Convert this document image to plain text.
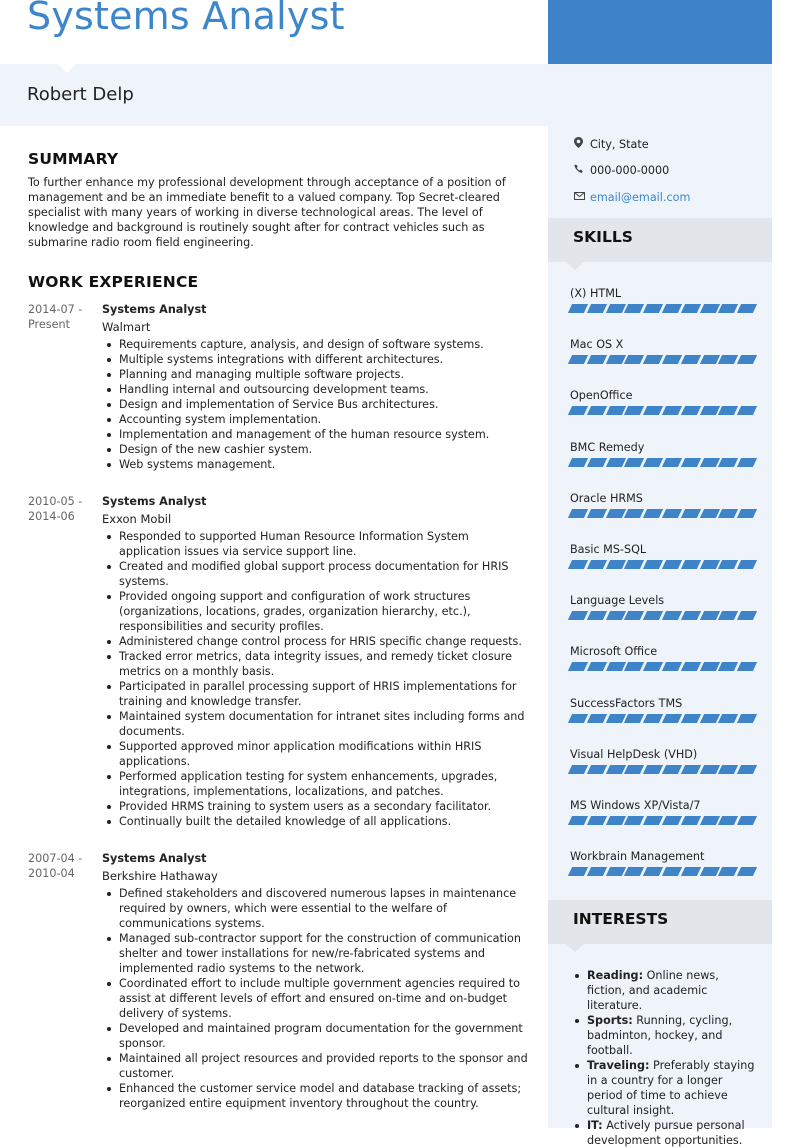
Systems Analyst
Robert Delp
SUMMARY

To further enhance my professional development through acceptance of a position of management and be an immediate benefit to a valued company. Top Secret-cleared specialist with many years of working in diverse technological areas. The level of knowledge and background is routinely sought after for contract vehicles such as submarine radio room field engineering.

WORK EXPERIENCE
2014-07 - Present
Systems Analyst
Walmart
Requirements capture, analysis, and design of software systems.
Multiple systems integrations with different architectures.
Planning and managing multiple software projects.
Handling internal and outsourcing development teams.
Design and implementation of Service Bus architectures.
Accounting system implementation.
Implementation and management of the human resource system.
Design of the new cashier system.
Web systems management.
2010-05 - 2014-06
Systems Analyst
Exxon Mobil
Responded to supported Human Resource Information System application issues via service support line.
Created and modified global support process documentation for HRIS systems.
Provided ongoing support and configuration of work structures (organizations, locations, grades, organization hierarchy, etc.), responsibilities and security profiles.
Administered change control process for HRIS specific change requests.
Tracked error metrics, data integrity issues, and remedy ticket closure metrics on a monthly basis.
Participated in parallel processing support of HRIS implementations for training and knowledge transfer.
Maintained system documentation for intranet sites including forms and documents.
Supported approved minor application modifications within HRIS applications.
Performed application testing for system enhancements, upgrades, integrations, implementations, localizations, and patches.
Provided HRMS training to system users as a secondary facilitator.
Continually built the detailed knowledge of all applications.
2007-04 - 2010-04
Systems Analyst
Berkshire Hathaway
Defined stakeholders and discovered numerous lapses in maintenance required by owners, which were essential to the welfare of communications systems.
Managed sub-contractor support for the construction of communication shelter and tower installations for new/re-fabricated systems and implemented radio systems to the network.
Coordinated effort to include multiple government agencies required to assist at different levels of effort and ensured on-time and on-budget delivery of systems.
Developed and maintained program documentation for the government sponsor.
Maintained all project resources and provided reports to the sponsor and customer.
Enhanced the customer service model and database tracking of assets; reorganized entire equipment inventory throughout the country.
City, State
000-000-0000
email@email.com
SKILLS
(X) HTML
Mac OS X
OpenOffice
BMC Remedy
Oracle HRMS
Basic MS-SQL
Language Levels
Microsoft Office
SuccessFactors TMS
Visual HelpDesk (VHD)
MS Windows XP/Vista/7
Workbrain Management
INTERESTS
Reading: Online news, fiction, and academic literature.
Sports: Running, cycling, badminton, hockey, and football.
Traveling: Preferably staying in a country for a longer period of time to achieve cultural insight.
IT: Actively pursue personal development opportunities.
